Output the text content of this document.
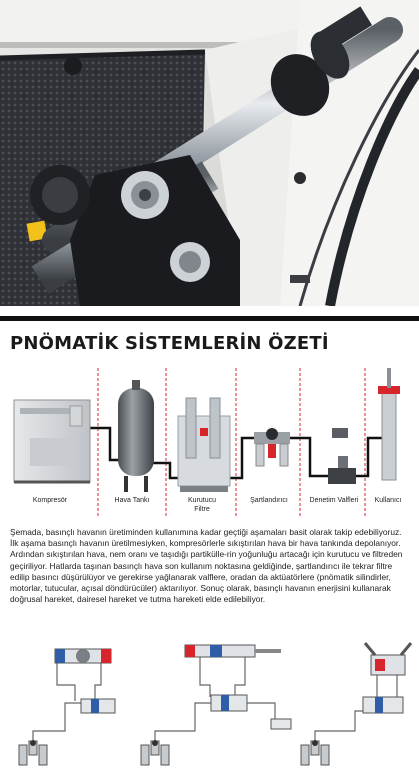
PNÖMATİK SİSTEMLERİN ÖZETİ
Kompresör	Hava Tankı	Kurutucu Filtre
Şartlandırıcı	Denetim Valfleri	Kullanıcı
Şemada, basınçlı havanın üretiminden kullanımına kadar geçtiği aşamaları basit olarak takip edebiliyoruz. İlk aşama basınçlı havanın üretilmesiyken, kompresörlerle sıkıştırılan hava bir hava tankında depolanıyor. Ardından sıkıştırılan hava, nem oranı ve taşıdığı partikülle-rin yoğunluğu artacağı için kurutucu ve filtreden geçiriliyor. Hatlarda taşınan basınçlı hava son kullanım noktasına geldiğinde, şartlandırıcı ile tekrar filtre edilip basıncı düşürülüyor ve gerekirse yağlanarak valflere, oradan da aktüatörlere (pnömatik silindirler, motorlar, tutucular, açısal döndürücüler) aktarılıyor. Sonuç olarak, basınçlı havanın enerjisini kullanarak doğrusal hareket, dairesel hareket ve tutma hareketi elde edilebiliyor.
